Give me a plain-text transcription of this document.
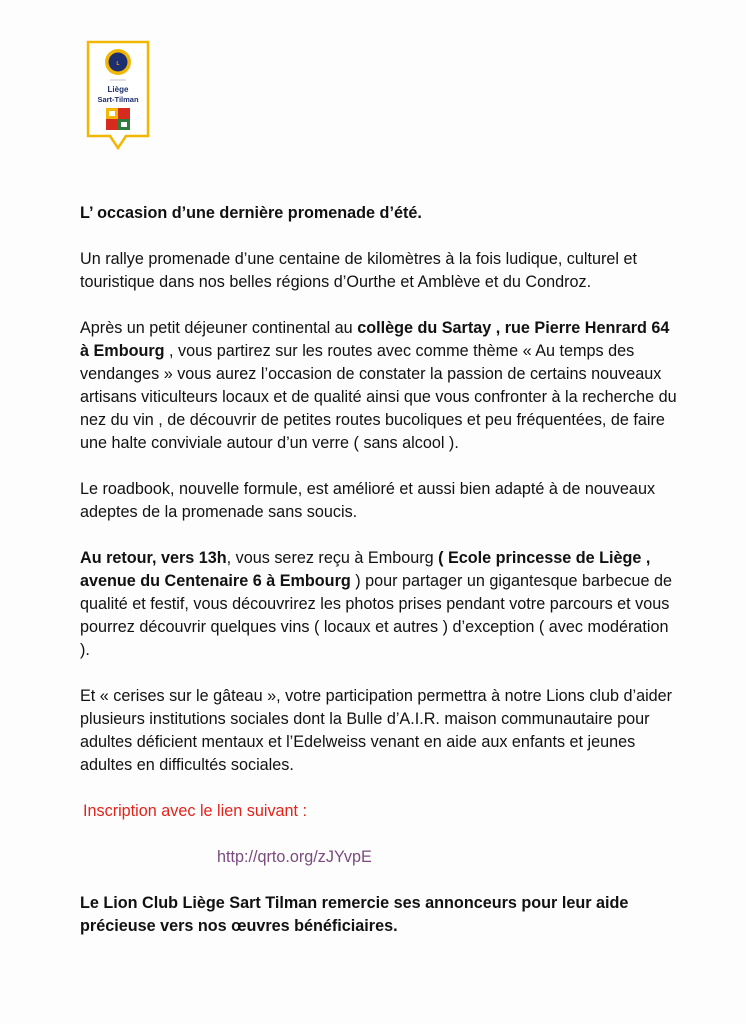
L
Liège
Sart-Tilman

L’ occasion d’une dernière promenade d’été.

Un rallye promenade d’une centaine de kilomètres à la fois ludique, culturel et touristique dans nos belles régions d’Ourthe et Amblève et du Condroz.

Après un petit déjeuner continental au collège du Sartay , rue Pierre Henrard 64 à Embourg , vous partirez sur les routes avec comme thème « Au temps des vendanges » vous aurez l’occasion de constater la passion de certains nouveaux artisans viticulteurs locaux et de qualité ainsi que vous confronter à la recherche du nez du vin , de découvrir de petites routes bucoliques et peu fréquentées, de faire une halte conviviale autour d’un verre ( sans alcool ).

Le roadbook, nouvelle formule, est amélioré et aussi bien adapté à de nouveaux adeptes de la promenade sans soucis.

Au retour, vers 13h, vous serez reçu à Embourg ( Ecole princesse de Liège , avenue du Centenaire 6 à Embourg ) pour partager un gigantesque barbecue de qualité et festif, vous découvrirez les photos prises pendant votre parcours et vous pourrez découvrir quelques vins ( locaux et autres ) d’exception ( avec modération ).

Et « cerises sur le gâteau », votre participation permettra à notre Lions club d’aider plusieurs institutions sociales dont la Bulle d’A.I.R. maison communautaire pour adultes déficient mentaux et l’Edelweiss venant en aide aux enfants et jeunes adultes en difficultés sociales.

Inscription avec le lien suivant :

http://qrto.org/zJYvpE

Le Lion Club Liège Sart Tilman remercie ses annonceurs pour leur aide précieuse vers nos œuvres bénéficiaires.
